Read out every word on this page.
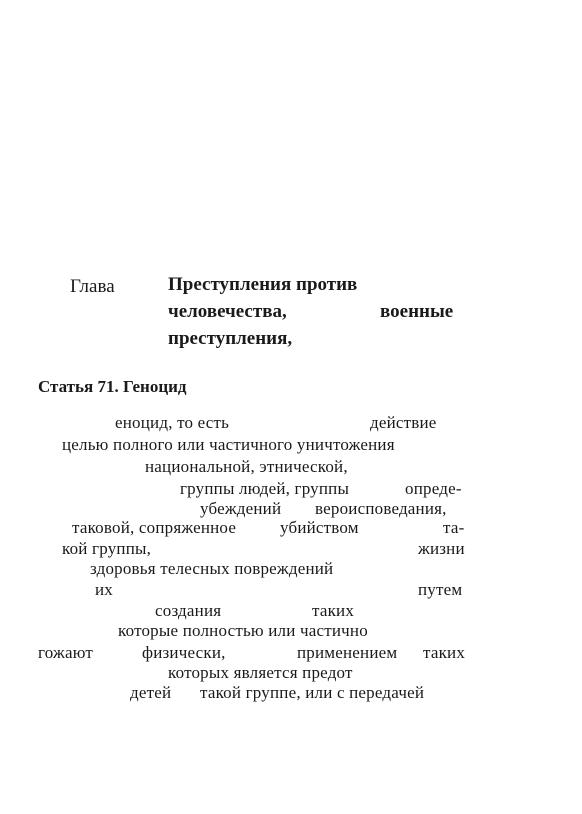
Глава	Преступления против
человечества,	военные
преступления,
Статья 71. Геноцид
еноцид, то есть	действие
целью полного или частичного уничтожения
национальной, этнической,
группы людей, группы	опреде-
убеждений вероисповедания,
таковой, сопряженное	убийством	та-
кой группы,	жизни
здоровья телесных повреждений
их	путем
создания	таких
которые полностью или частично
гожают	физически,	применением таких
которых является предот
детей такой группе, или с передачей
